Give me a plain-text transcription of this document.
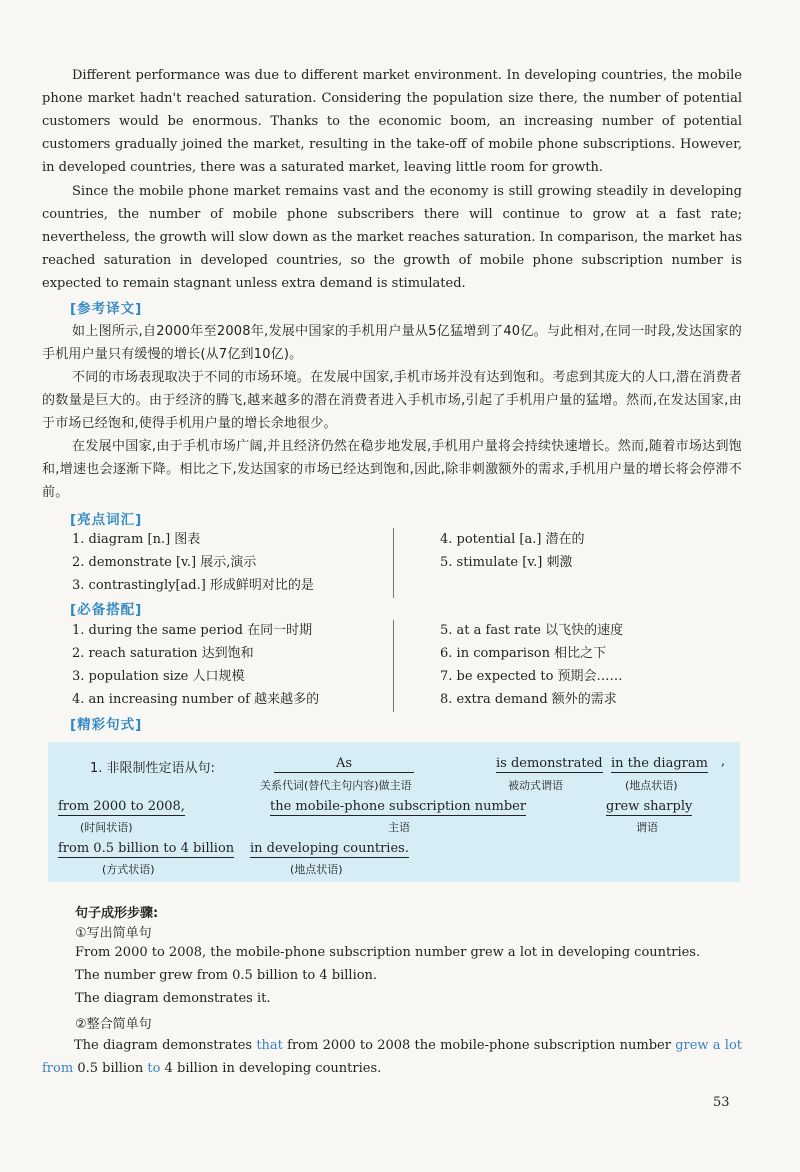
Different performance was due to different market environment. In developing countries, the mobile phone market hadn't reached saturation. Considering the population size there, the number of potential customers would be enormous. Thanks to the economic boom, an increasing number of potential customers gradually joined the market, resulting in the take-off of mobile phone subscriptions. However, in developed countries, there was a saturated market, leaving little room for growth.

Since the mobile phone market remains vast and the economy is still growing steadily in developing countries, the number of mobile phone subscribers there will continue to grow at a fast rate; nevertheless, the growth will slow down as the market reaches saturation. In comparison, the market has reached saturation in developed countries, so the growth of mobile phone subscription number is expected to remain stagnant unless extra demand is stimulated.

[参考译文]

如上图所示,自2000年至2008年,发展中国家的手机用户量从5亿猛增到了40亿。与此相对,在同一时段,发达国家的手机用户量只有缓慢的增长(从7亿到10亿)。

不同的市场表现取决于不同的市场环境。在发展中国家,手机市场并没有达到饱和。考虑到其庞大的人口,潜在消费者的数量是巨大的。由于经济的腾飞,越来越多的潜在消费者进入手机市场,引起了手机用户量的猛增。然而,在发达国家,由于市场已经饱和,使得手机用户量的增长余地很少。

在发展中国家,由于手机市场广阔,并且经济仍然在稳步地发展,手机用户量将会持续快速增长。然而,随着市场达到饱和,增速也会逐渐下降。相比之下,发达国家的市场已经达到饱和,因此,除非刺激额外的需求,手机用户量的增长将会停滞不前。

[亮点词汇]
1. diagram [n.] 图表
2. demonstrate [v.] 展示,演示
3. contrastingly[ad.] 形成鲜明对比的是
4. potential [a.] 潜在的
5. stimulate [v.] 刺激
[必备搭配]
1. during the same period 在同一时期
2. reach saturation 达到饱和
3. population size 人口规模
4. an increasing number of 越来越多的
5. at a fast rate 以飞快的速度
6. in comparison 相比之下
7. be expected to 预期会……
8. extra demand 额外的需求
[精彩句式]
1. 非限制性定语从句:	As
关系代词(替代主句内容)做主语
is demonstrated
被动式谓语
in the diagram
(地点状语)
,
from 2000 to 2008,
(时间状语)
the mobile-phone subscription number
主语
grew sharply
谓语
from 0.5 billion to 4 billion
(方式状语)
in developing countries.
(地点状语)
句子成形步骤:
①写出简单句
From 2000 to 2008, the mobile-phone subscription number grew a lot in developing countries.
The number grew from 0.5 billion to 4 billion.
The diagram demonstrates it.
②整合简单句

The diagram demonstrates that from 2000 to 2008 the mobile-phone subscription number grew a lot from 0.5 billion to 4 billion in developing countries.

53
